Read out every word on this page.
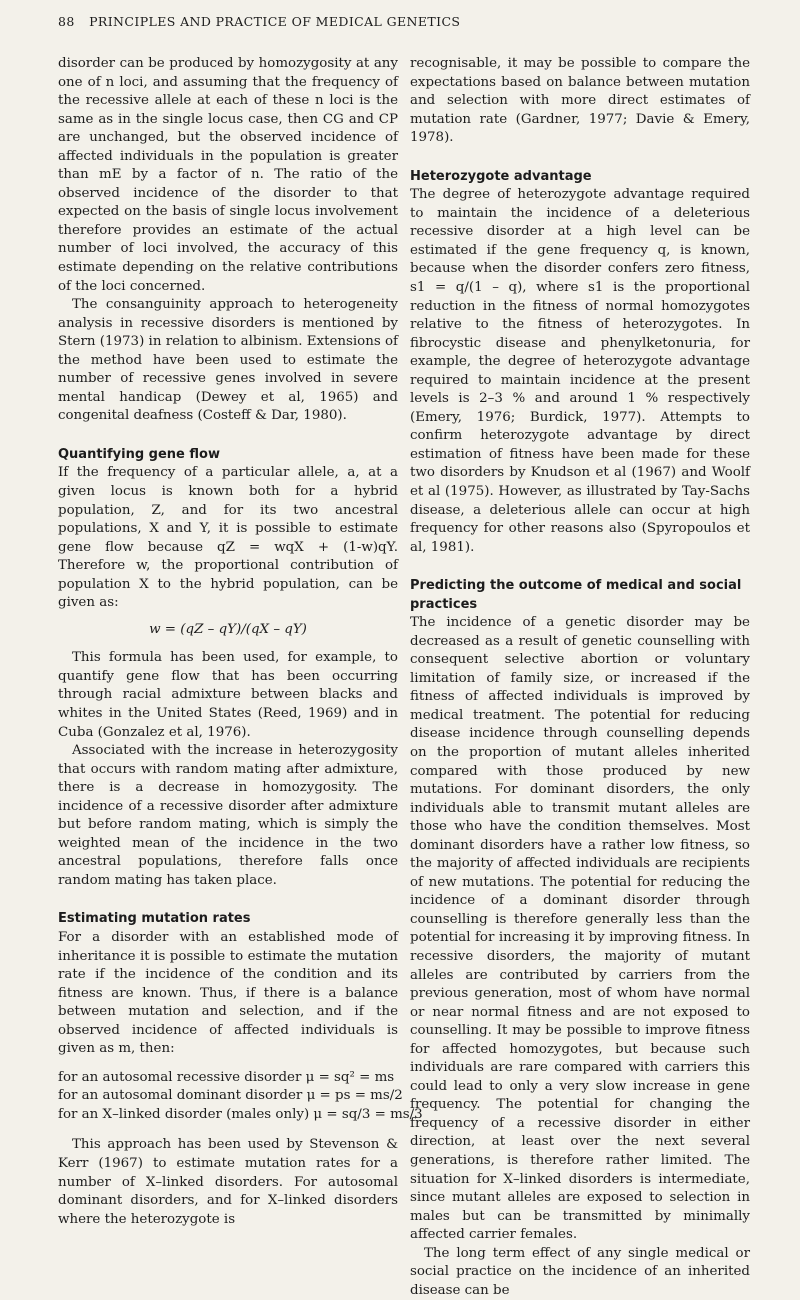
88 PRINCIPLES AND PRACTICE OF MEDICAL GENETICS

disorder can be produced by homozygosity at any one of n loci, and assuming that the frequency of the recessive allele at each of these n loci is the same as in the single locus case, then CG and CP are unchanged, but the observed incidence of affected individuals in the population is greater than mE by a factor of n. The ratio of the observed incidence of the disorder to that expected on the basis of single locus involvement therefore provides an estimate of the actual number of loci involved, the accuracy of this estimate depending on the relative contributions of the loci concerned.

The consanguinity approach to heterogeneity analysis in recessive disorders is mentioned by Stern (1973) in relation to albinism. Extensions of the method have been used to estimate the number of recessive genes involved in severe mental handicap (Dewey et al, 1965) and congenital deafness (Costeff & Dar, 1980).

Quantifying gene flow

If the frequency of a particular allele, a, at a given locus is known both for a hybrid population, Z, and for its two ancestral populations, X and Y, it is possible to estimate gene flow because qZ = wqX + (1-w)qY. Therefore w, the proportional contribution of population X to the hybrid population, can be given as:

w = (qZ – qY)/(qX – qY)

This formula has been used, for example, to quantify gene flow that has been occurring through racial admixture between blacks and whites in the United States (Reed, 1969) and in Cuba (Gonzalez et al, 1976).

Associated with the increase in heterozygosity that occurs with random mating after admixture, there is a decrease in homozygosity. The incidence of a recessive disorder after admixture but before random mating, which is simply the weighted mean of the incidence in the two ancestral populations, therefore falls once random mating has taken place.

Estimating mutation rates

For a disorder with an established mode of inheritance it is possible to estimate the mutation rate if the incidence of the condition and its fitness are known. Thus, if there is a balance between mutation and selection, and if the observed incidence of affected individuals is given as m, then:

for an autosomal recessive disorder μ = sq² = ms
for an autosomal dominant disorder μ = ps = ms/2
for an X–linked disorder (males only) μ = sq/3 = ms/3

This approach has been used by Stevenson & Kerr (1967) to estimate mutation rates for a number of X–linked disorders. For autosomal dominant disorders, and for X–linked disorders where the heterozygote is

recognisable, it may be possible to compare the expectations based on balance between mutation and selection with more direct estimates of mutation rate (Gardner, 1977; Davie & Emery, 1978).

Heterozygote advantage

The degree of heterozygote advantage required to maintain the incidence of a deleterious recessive disorder at a high level can be estimated if the gene frequency q, is known, because when the disorder confers zero fitness, s1 = q/(1 – q), where s1 is the proportional reduction in the fitness of normal homozygotes relative to the fitness of heterozygotes. In fibrocystic disease and phenylketonuria, for example, the degree of heterozygote advantage required to maintain incidence at the present levels is 2–3 % and around 1 % respectively (Emery, 1976; Burdick, 1977). Attempts to confirm heterozygote advantage by direct estimation of fitness have been made for these two disorders by Knudson et al (1967) and Woolf et al (1975). However, as illustrated by Tay-Sachs disease, a deleterious allele can occur at high frequency for other reasons also (Spyropoulos et al, 1981).

Predicting the outcome of medical and social practices

The incidence of a genetic disorder may be decreased as a result of genetic counselling with consequent selective abortion or voluntary limitation of family size, or increased if the fitness of affected individuals is improved by medical treatment. The potential for reducing disease incidence through counselling depends on the proportion of mutant alleles inherited compared with those produced by new mutations. For dominant disorders, the only individuals able to transmit mutant alleles are those who have the condition themselves. Most dominant disorders have a rather low fitness, so the majority of affected individuals are recipients of new mutations. The potential for reducing the incidence of a dominant disorder through counselling is therefore generally less than the potential for increasing it by improving fitness. In recessive disorders, the majority of mutant alleles are contributed by carriers from the previous generation, most of whom have normal or near normal fitness and are not exposed to counselling. It may be possible to improve fitness for affected homozygotes, but because such individuals are rare compared with carriers this could lead to only a very slow increase in gene frequency. The potential for changing the frequency of a recessive disorder in either direction, at least over the next several generations, is therefore rather limited. The situation for X–linked disorders is intermediate, since mutant alleles are exposed to selection in males but can be transmitted by minimally affected carrier females.

The long term effect of any single medical or social practice on the incidence of an inherited disease can be
